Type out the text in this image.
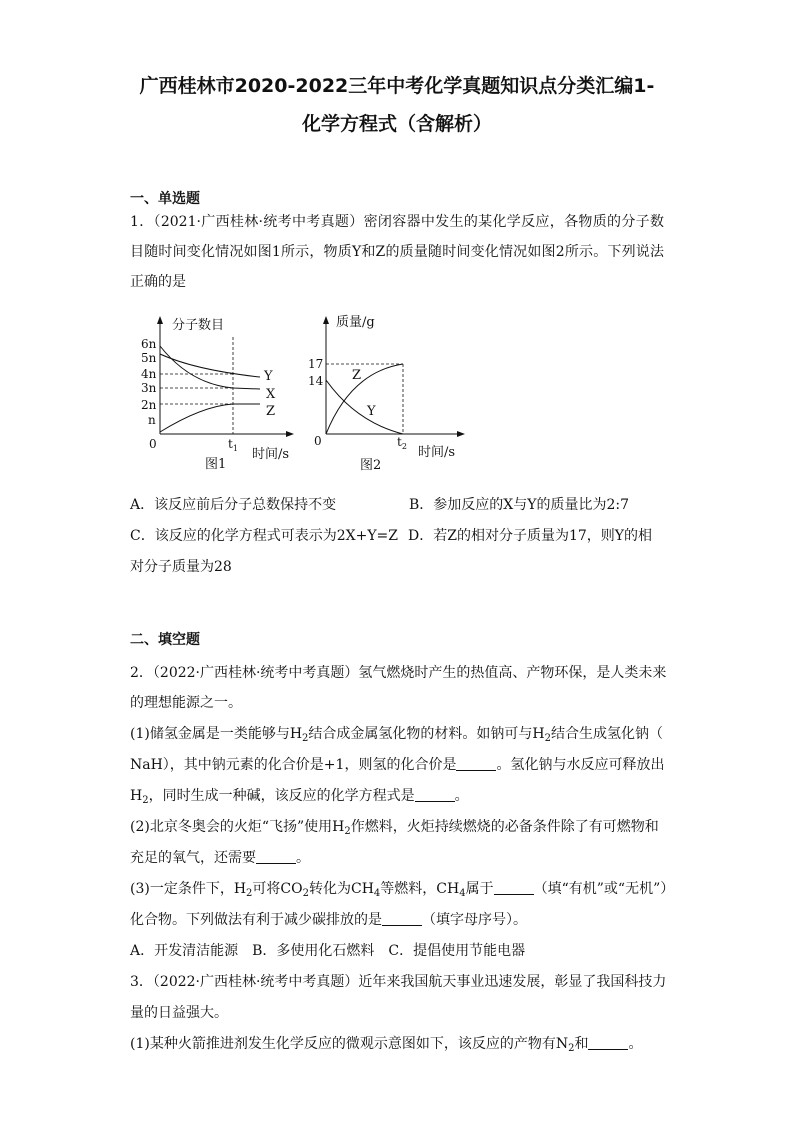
广西桂林市2020-2022三年中考化学真题知识点分类汇编1-
化学方程式（含解析）
一、单选题
1．（2021·广西桂林·统考中考真题）密闭容器中发生的某化学反应，各物质的分子数目随时间变化情况如图1所示，物质Y和Z的质量随时间变化情况如图2所示。下列说法正确的是
分子数目
6n
5n
4n
3n
2n
n
0
Y
X
Z
$t_1$ 时间/s
图1
质量/g
17
14
0
Z
Y
$t_2$ 时间/s
图2
A．该反应前后分子总数保持不变	B．参加反应的X与Y的质量比为2:7
C．该反应的化学方程式可表示为2X+Y=Z D．若Z的相对分子质量为17，则Y的相
对分子质量为28
二、填空题
2．（2022·广西桂林·统考中考真题）氢气燃烧时产生的热值高、产物环保，是人类未来
的理想能源之一。
(1)储氢金属是一类能够与$H_2$结合成金属氢化物的材料。如钠可与$H_2$结合生成氢化钠（
NaH），其中钠元素的化合价是+1，则氢的化合价是	。氢化钠与水反应可释放出
$H_2$，同时生成一种碱，该反应的化学方程式是	。
(2)北京冬奥会的火炬“飞扬”使用$H_2$作燃料，火炬持续燃烧的必备条件除了有可燃物和
充足的氧气，还需要	。
(3)一定条件下，$H_2$可将$CO_2$转化为$CH_4$等燃料，$CH_4$属于	（填“有机”或“无机”）
化合物。下列做法有利于减少碳排放的是	（填字母序号）。
A．开发清洁能源　B．多使用化石燃料　C．提倡使用节能电器
3．（2022·广西桂林·统考中考真题）近年来我国航天事业迅速发展，彰显了我国科技力
量的日益强大。
(1)某种火箭推进剂发生化学反应的微观示意图如下，该反应的产物有$N_2$和	。
